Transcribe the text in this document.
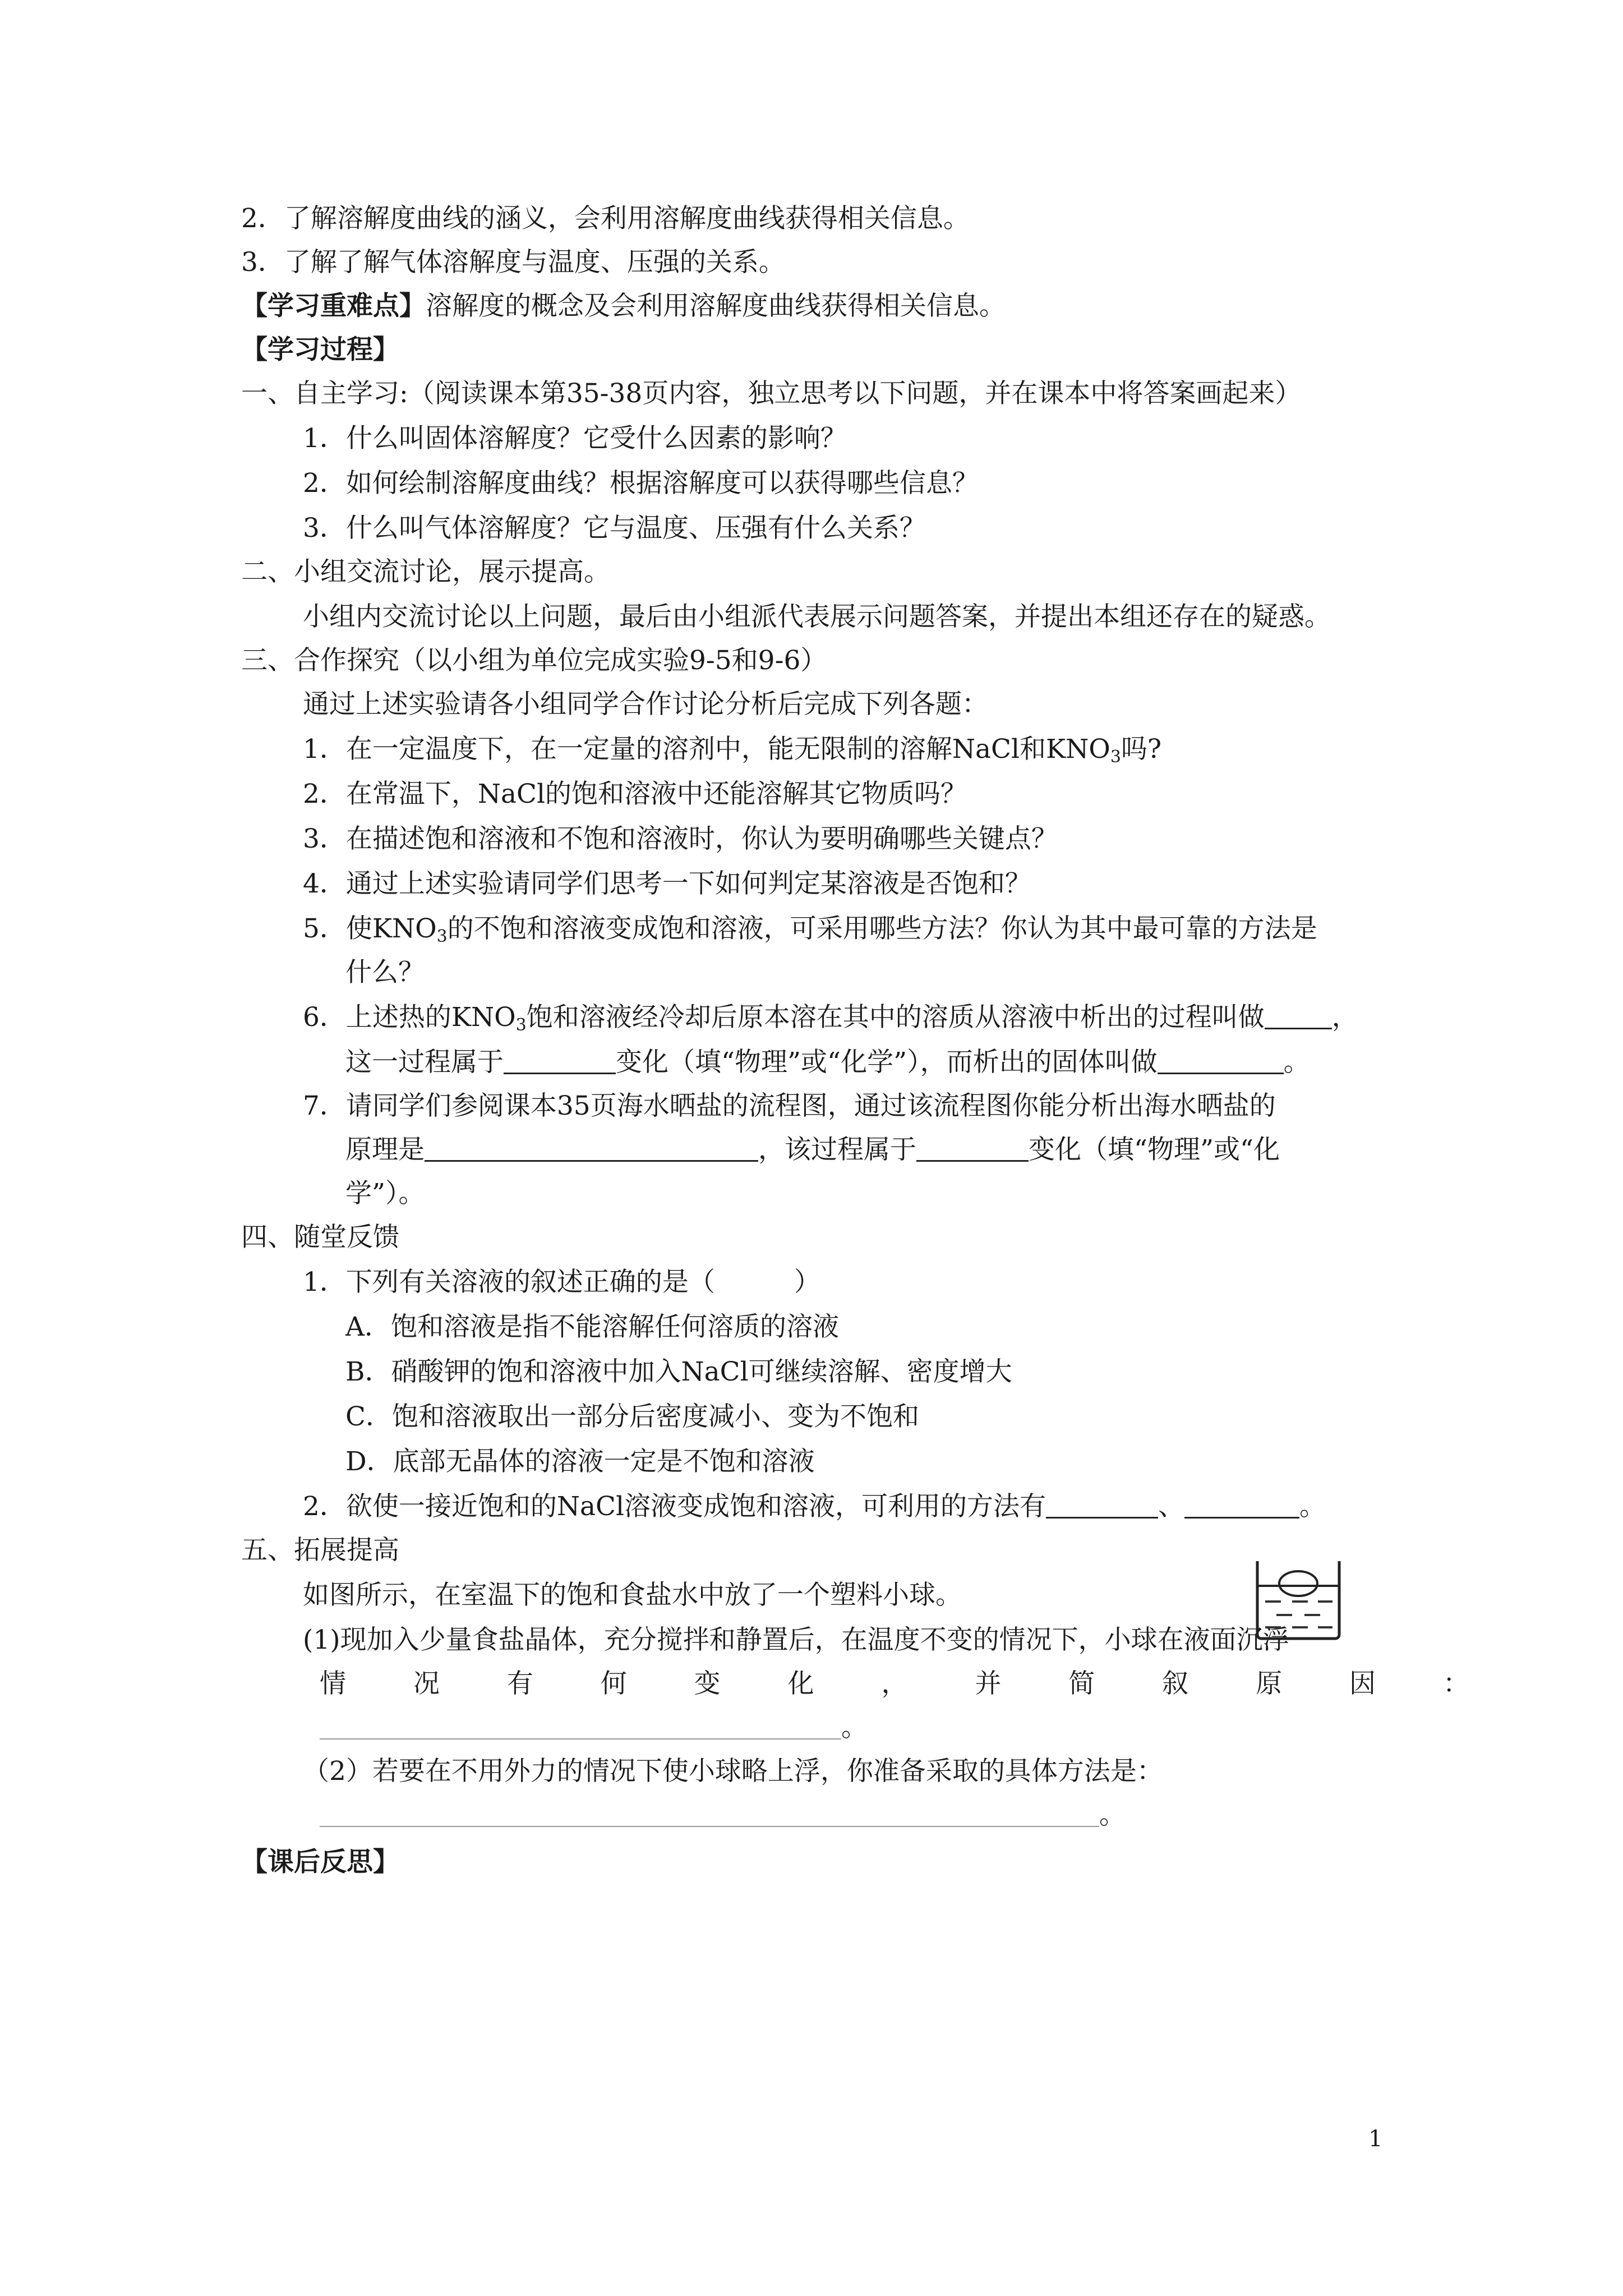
2．了解溶解度曲线的涵义，会利用溶解度曲线获得相关信息。
3．了解了解气体溶解度与温度、压强的关系。
【学习重难点】溶解度的概念及会利用溶解度曲线获得相关信息。
【学习过程】
一、自主学习:（阅读课本第35-38页内容，独立思考以下问题，并在课本中将答案画起来）
1．什么叫固体溶解度？它受什么因素的影响？
2．如何绘制溶解度曲线？根据溶解度可以获得哪些信息？
3．什么叫气体溶解度？它与温度、压强有什么关系？
二、小组交流讨论，展示提高。
小组内交流讨论以上问题，最后由小组派代表展示问题答案，并提出本组还存在的疑惑。
三、合作探究（以小组为单位完成实验9-5和9-6）
通过上述实验请各小组同学合作讨论分析后完成下列各题：
1．在一定温度下，在一定量的溶剂中，能无限制的溶解NaCl和$KNO_3$吗?
2．在常温下，NaCl的饱和溶液中还能溶解其它物质吗？
3．在描述饱和溶液和不饱和溶液时，你认为要明确哪些关键点？
4．通过上述实验请同学们思考一下如何判定某溶液是否饱和？
5．使$KNO_3$的不饱和溶液变成饱和溶液，可采用哪些方法？你认为其中最可靠的方法是
什么？
6．上述热的$KNO_3$饱和溶液经冷却后原本溶在其中的溶质从溶液中析出的过程叫做	，
这一过程属于	变化（填“物理”或“化学”），而析出的固体叫做	。
7．请同学们参阅课本35页海水晒盐的流程图，通过该流程图你能分析出海水晒盐的
原理是	，该过程属于	变化（填“物理”或“化
学”）。
四、随堂反馈
1．下列有关溶液的叙述正确的是（　　　）
A．饱和溶液是指不能溶解任何溶质的溶液
B．硝酸钾的饱和溶液中加入NaCl可继续溶解、密度增大
C．饱和溶液取出一部分后密度减小、变为不饱和
D．底部无晶体的溶液一定是不饱和溶液
2．欲使一接近饱和的NaCl溶液变成饱和溶液，可利用的方法有	、	。
五、拓展提高
如图所示，在室温下的饱和食盐水中放了一个塑料小球。
(1)现加入少量食盐晶体，充分搅拌和静置后，在温度不变的情况下，小球在液面沉浮
情	况	有	何	变	化	，	并	简	叙	原	因	：
。
（2）若要在不用外力的情况下使小球略上浮，你准备采取的具体方法是：
。
【课后反思】
1
